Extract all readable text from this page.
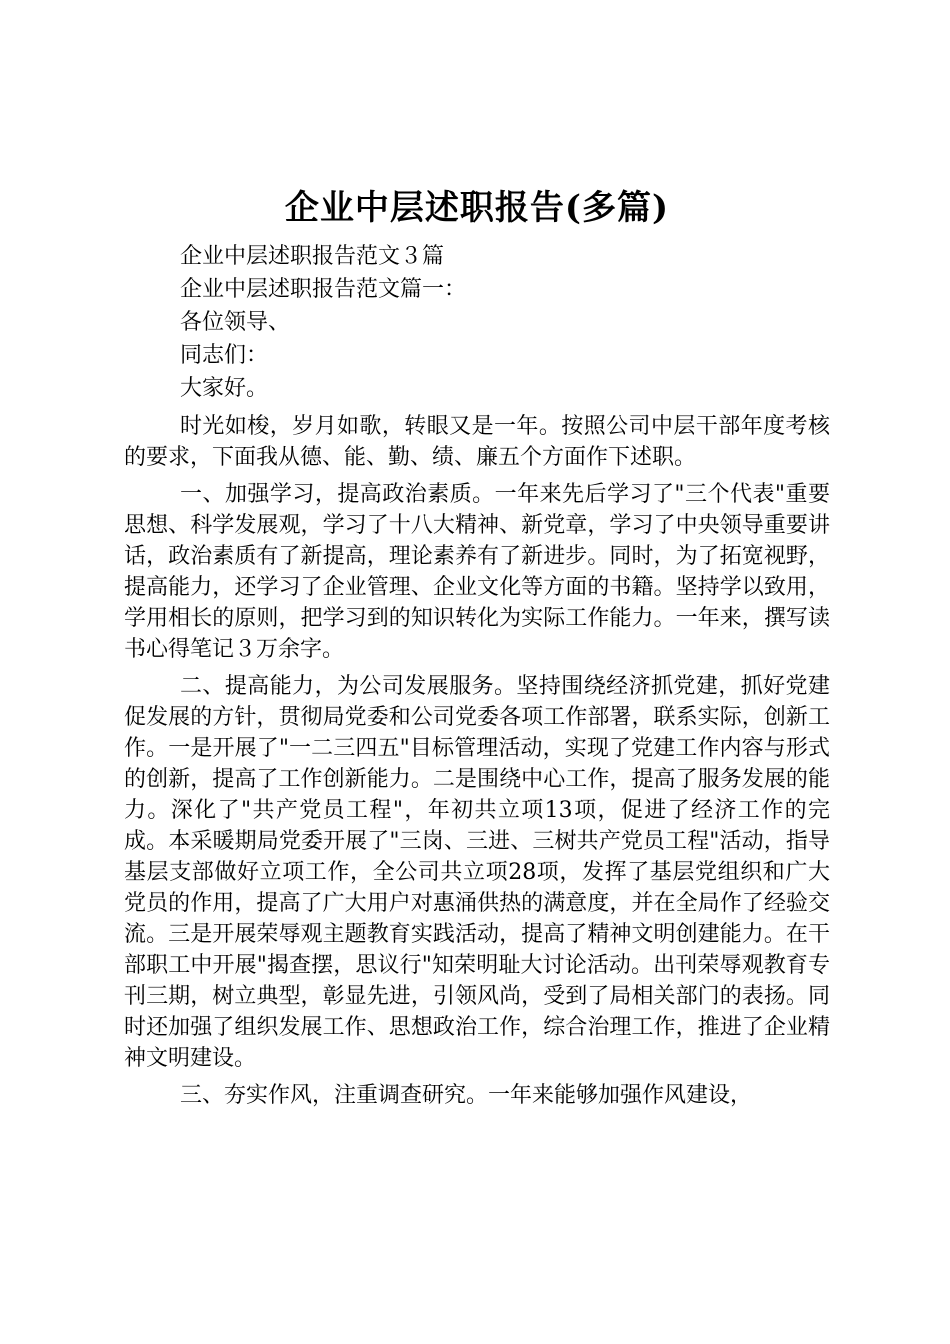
企业中层述职报告(多篇)

企业中层述职报告范文３篇

企业中层述职报告范文篇一：

各位领导、

同志们：

大家好。

时光如梭，岁月如歌，转眼又是一年。按照公司中层干部年度考核的要求，下面我从德、能、勤、绩、廉五个方面作下述职。

一、加强学习，提高政治素质。一年来先后学习了"三个代表"重要思想、科学发展观，学习了十八大精神、新党章，学习了中央领导重要讲话，政治素质有了新提高，理论素养有了新进步。同时，为了拓宽视野，提高能力，还学习了企业管理、企业文化等方面的书籍。坚持学以致用，学用相长的原则，把学习到的知识转化为实际工作能力。一年来，撰写读书心得笔记３万余字。

二、提高能力，为公司发展服务。坚持围绕经济抓党建，抓好党建促发展的方针，贯彻局党委和公司党委各项工作部署，联系实际，创新工作。一是开展了"一二三四五"目标管理活动，实现了党建工作内容与形式的创新，提高了工作创新能力。二是围绕中心工作，提高了服务发展的能力。深化了"共产党员工程"，年初共立项13项，促进了经济工作的完成。本采暖期局党委开展了"三岗、三进、三树共产党员工程"活动，指导基层支部做好立项工作，全公司共立项28项，发挥了基层党组织和广大党员的作用，提高了广大用户对惠涌供热的满意度，并在全局作了经验交流。三是开展荣辱观主题教育实践活动，提高了精神文明创建能力。在干部职工中开展"揭查摆，思议行"知荣明耻大讨论活动。出刊荣辱观教育专刊三期，树立典型，彰显先进，引领风尚，受到了局相关部门的表扬。同时还加强了组织发展工作、思想政治工作，综合治理工作，推进了企业精神文明建设。

三、夯实作风，注重调查研究。一年来能够加强作风建设，
